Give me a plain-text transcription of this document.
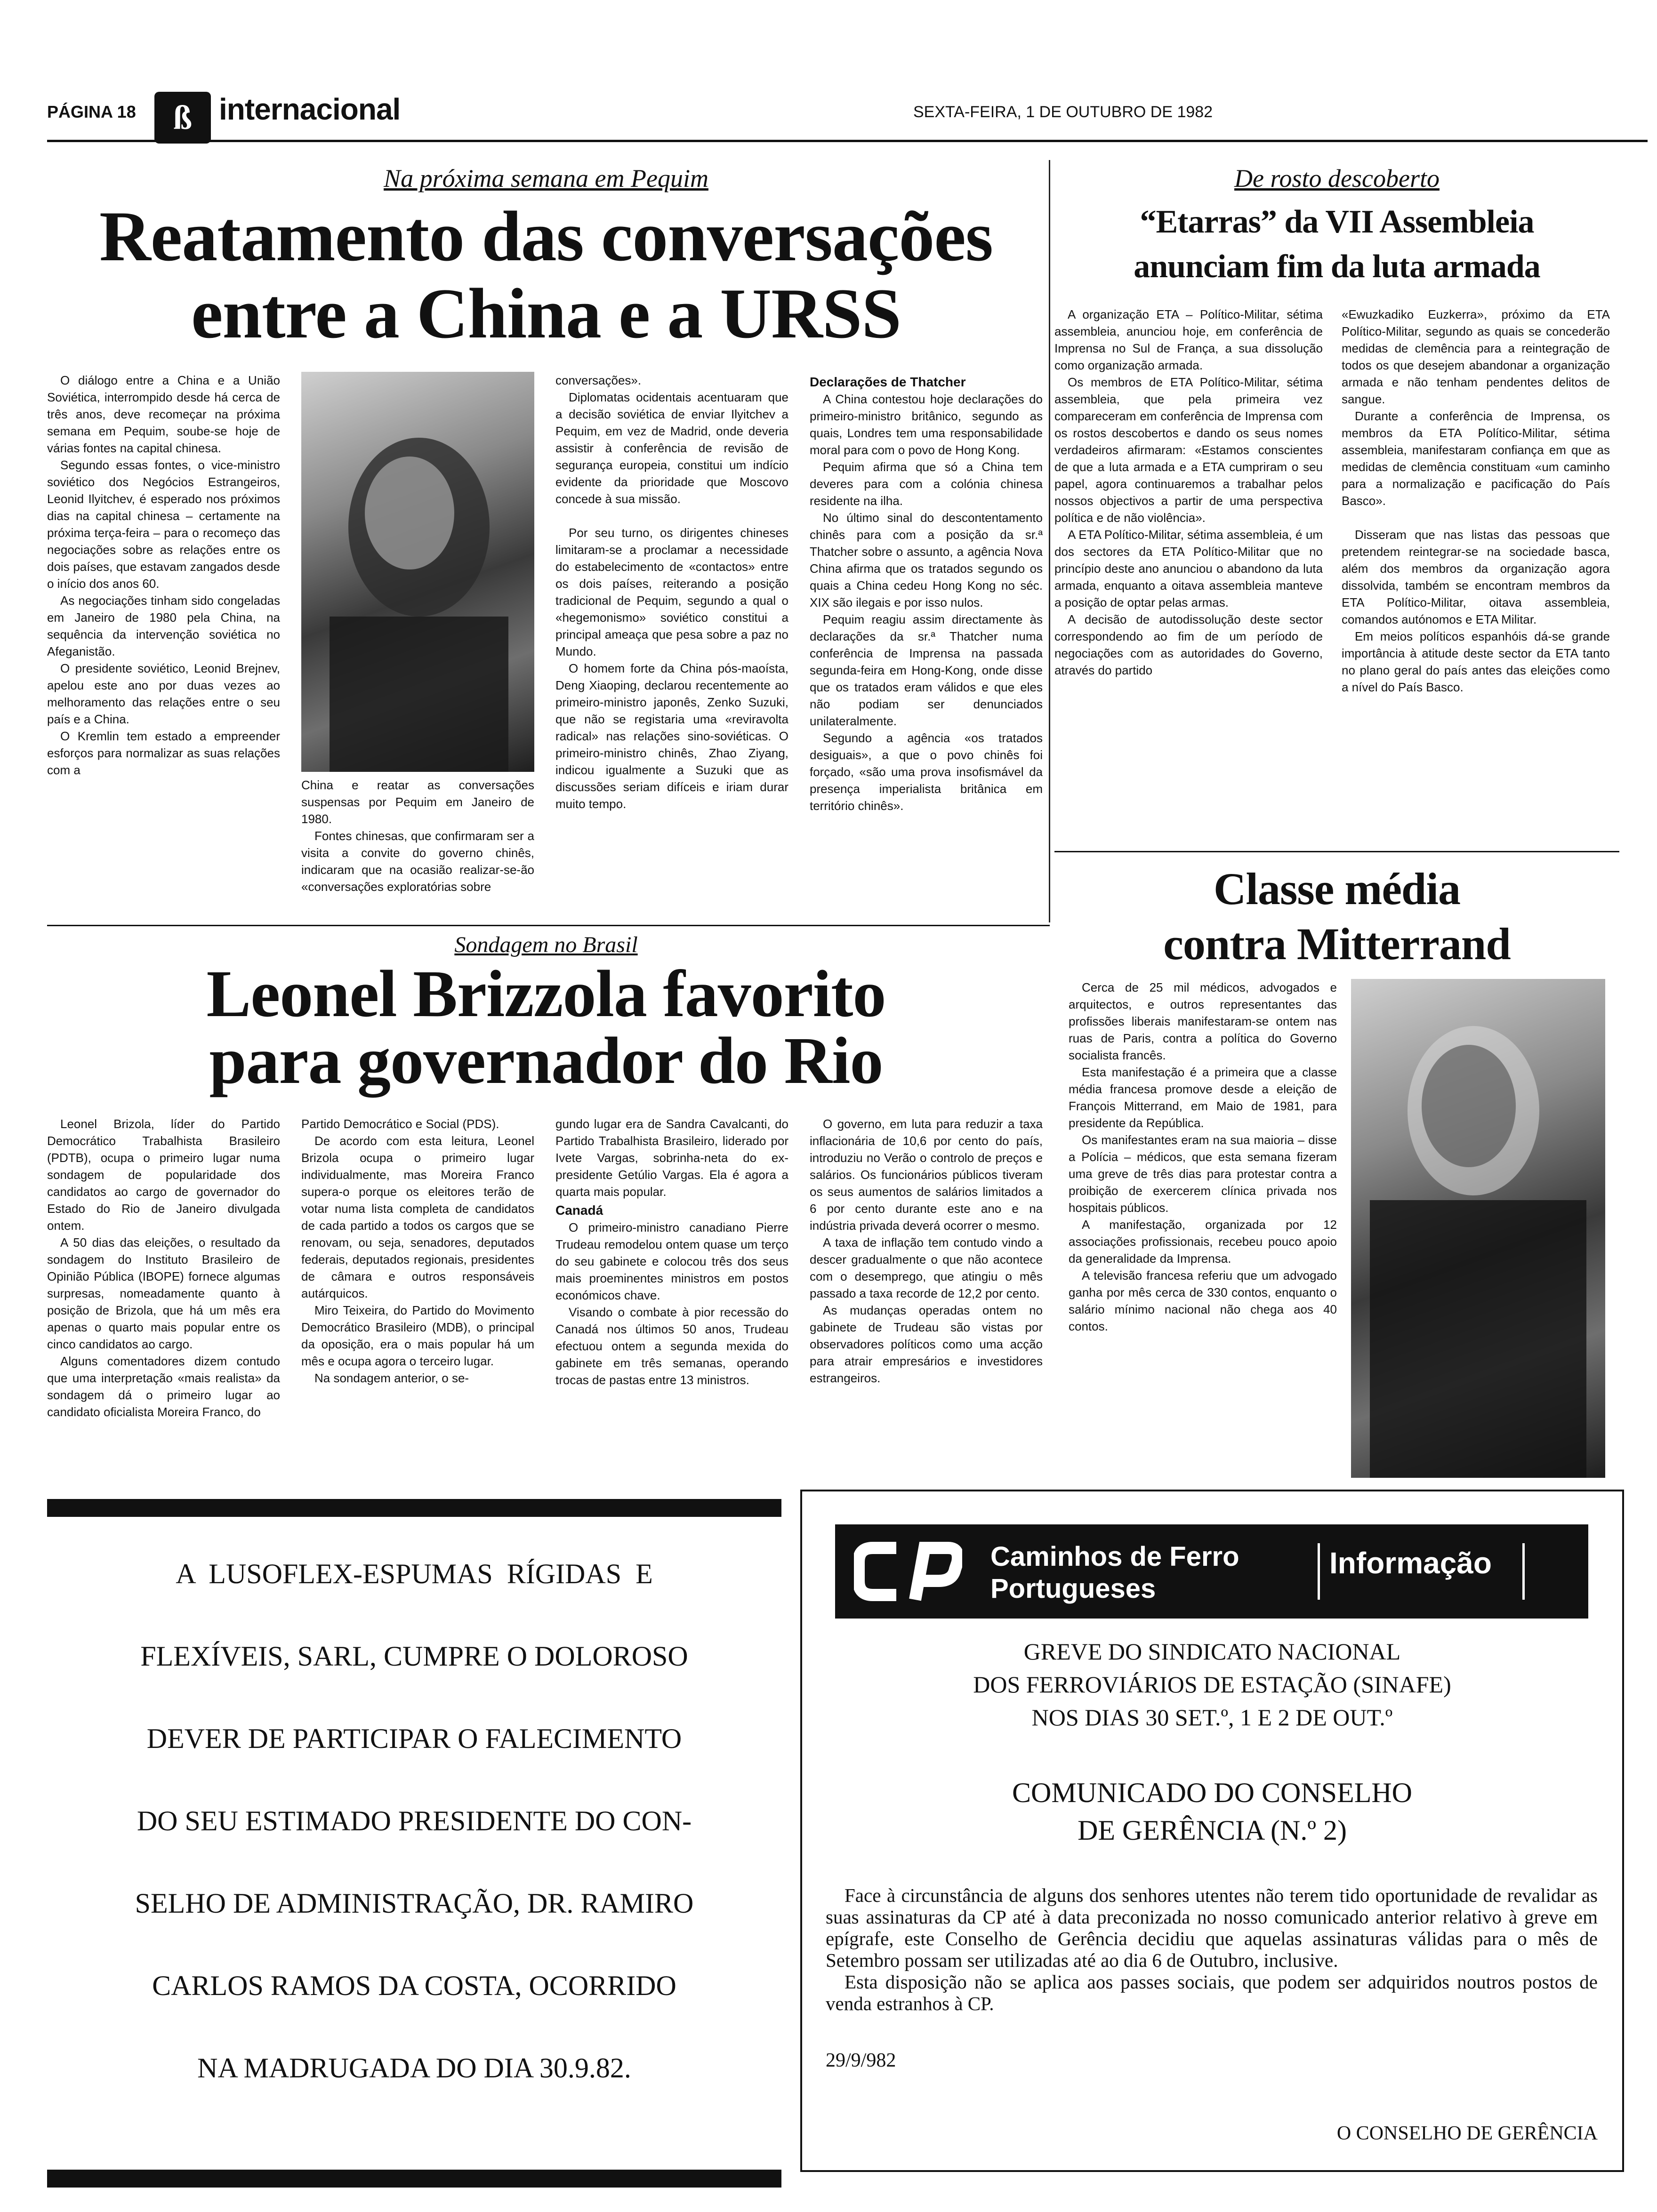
PÁGINA 18	ß internacional	SEXTA-FEIRA, 1 DE OUTUBRO DE 1982
Na próxima semana em Pequim
Reatamento das conversações
entre a China e a URSS

O diálogo entre a China e a União Soviética, interrompido desde há cerca de três anos, deve recomeçar na próxima semana em Pequim, soube-se hoje de várias fontes na capital chinesa.

Segundo essas fontes, o vice-ministro soviético dos Negócios Estrangeiros, Leonid Ilyitchev, é esperado nos próximos dias na capital chinesa – certamente na próxima terça-feira – para o recomeço das negociações sobre as relações entre os dois países, que estavam zangados desde o início dos anos 60.

As negociações tinham sido congeladas em Janeiro de 1980 pela China, na sequência da intervenção soviética no Afeganistão.

O presidente soviético, Leonid Brejnev, apelou este ano por duas vezes ao melhoramento das relações entre o seu país e a China.

O Kremlin tem estado a empreender esforços para normalizar as suas relações com a

China e reatar as conversações suspensas por Pequim em Janeiro de 1980.

Fontes chinesas, que confirmaram ser a visita a convite do governo chinês, indicaram que na ocasião realizar-se-ão «conversações exploratórias sobre

conversações».

Diplomatas ocidentais acentuaram que a decisão soviética de enviar Ilyitchev a Pequim, em vez de Madrid, onde deveria assistir à conferência de revisão de segurança europeia, constitui um indício evidente da prioridade que Moscovo concede à sua missão.

Por seu turno, os dirigentes chineses limitaram-se a proclamar a necessidade do estabelecimento de «contactos» entre os dois países, reiterando a posição tradicional de Pequim, segundo a qual o «hegemonismo» soviético constitui a principal ameaça que pesa sobre a paz no Mundo.

O homem forte da China pós-maoísta, Deng Xiaoping, declarou recentemente ao primeiro-ministro japonês, Zenko Suzuki, que não se registaria uma «reviravolta radical» nas relações sino-soviéticas. O primeiro-ministro chinês, Zhao Ziyang, indicou igualmente a Suzuki que as discussões seriam difíceis e iriam durar muito tempo.

Declarações de Thatcher

A China contestou hoje declarações do primeiro-ministro britânico, segundo as quais, Londres tem uma responsabilidade moral para com o povo de Hong Kong.

Pequim afirma que só a China tem deveres para com a colónia chinesa residente na ilha.

No último sinal do descontentamento chinês para com a posição da sr.ª Thatcher sobre o assunto, a agência Nova China afirma que os tratados segundo os quais a China cedeu Hong Kong no séc. XIX são ilegais e por isso nulos.

Pequim reagiu assim directamente às declarações da sr.ª Thatcher numa conferência de Imprensa na passada segunda-feira em Hong-Kong, onde disse que os tratados eram válidos e que eles não podiam ser denunciados unilateralmente.

Segundo a agência «os tratados desiguais», a que o povo chinês foi forçado, «são uma prova insofismável da presença imperialista britânica em território chinês».

De rosto descoberto
“Etarras” da VII Assembleia
anunciam fim da luta armada

A organização ETA – Político-Militar, sétima assembleia, anunciou hoje, em conferência de Imprensa no Sul de França, a sua dissolução como organização armada.

Os membros de ETA Político-Militar, sétima assembleia, que pela primeira vez compareceram em conferência de Imprensa com os rostos descobertos e dando os seus nomes verdadeiros afirmaram: «Estamos conscientes de que a luta armada e a ETA cumpriram o seu papel, agora continuaremos a trabalhar pelos nossos objectivos a partir de uma perspectiva política e de não violência».

A ETA Político-Militar, sétima assembleia, é um dos sectores da ETA Político-Militar que no princípio deste ano anunciou o abandono da luta armada, enquanto a oitava assembleia manteve a posição de optar pelas armas.

A decisão de autodissolução deste sector correspondendo ao fim de um período de negociações com as autoridades do Governo, através do partido

«Ewuzkadiko Euzkerra», próximo da ETA Político-Militar, segundo as quais se concederão medidas de clemência para a reintegração de todos os que desejem abandonar a organização armada e não tenham pendentes delitos de sangue.

Durante a conferência de Imprensa, os membros da ETA Político-Militar, sétima assembleia, manifestaram confiança em que as medidas de clemência constituam «um caminho para a normalização e pacificação do País Basco».

Disseram que nas listas das pessoas que pretendem reintegrar-se na sociedade basca, além dos membros da organização agora dissolvida, também se encontram membros da ETA Político-Militar, oitava assembleia, comandos autónomos e ETA Militar.

Em meios políticos espanhóis dá-se grande importância à atitude deste sector da ETA tanto no plano geral do país antes das eleições como a nível do País Basco.

Classe média
contra Mitterrand

Cerca de 25 mil médicos, advogados e arquitectos, e outros representantes das profissões liberais manifestaram-se ontem nas ruas de Paris, contra a política do Governo socialista francês.

Esta manifestação é a primeira que a classe média francesa promove desde a eleição de François Mitterrand, em Maio de 1981, para presidente da República.

Os manifestantes eram na sua maioria – disse a Polícia – médicos, que esta semana fizeram uma greve de três dias para protestar contra a proibição de exercerem clínica privada nos hospitais públicos.

A manifestação, organizada por 12 associações profissionais, recebeu pouco apoio da generalidade da Imprensa.

A televisão francesa referiu que um advogado ganha por mês cerca de 330 contos, enquanto o salário mínimo nacional não chega aos 40 contos.

Sondagem no Brasil
Leonel Brizzola favorito
para governador do Rio

Leonel Brizola, líder do Partido Democrático Trabalhista Brasileiro (PDTB), ocupa o primeiro lugar numa sondagem de popularidade dos candidatos ao cargo de governador do Estado do Rio de Janeiro divulgada ontem.

A 50 dias das eleições, o resultado da sondagem do Instituto Brasileiro de Opinião Pública (IBOPE) fornece algumas surpresas, nomeadamente quanto à posição de Brizola, que há um mês era apenas o quarto mais popular entre os cinco candidatos ao cargo.

Alguns comentadores dizem contudo que uma interpretação «mais realista» da sondagem dá o primeiro lugar ao candidato oficialista Moreira Franco, do

Partido Democrático e Social (PDS).

De acordo com esta leitura, Leonel Brizola ocupa o primeiro lugar individualmente, mas Moreira Franco supera-o porque os eleitores terão de votar numa lista completa de candidatos de cada partido a todos os cargos que se renovam, ou seja, senadores, deputados federais, deputados regionais, presidentes de câmara e outros responsáveis autárquicos.

Miro Teixeira, do Partido do Movimento Democrático Brasileiro (MDB), o principal da oposição, era o mais popular há um mês e ocupa agora o terceiro lugar.

Na sondagem anterior, o se-

gundo lugar era de Sandra Cavalcanti, do Partido Trabalhista Brasileiro, liderado por Ivete Vargas, sobrinha-neta do ex-presidente Getúlio Vargas. Ela é agora a quarta mais popular.

Canadá

O primeiro-ministro canadiano Pierre Trudeau remodelou ontem quase um terço do seu gabinete e colocou três dos seus mais proeminentes ministros em postos económicos chave.

Visando o combate à pior recessão do Canadá nos últimos 50 anos, Trudeau efectuou ontem a segunda mexida do gabinete em três semanas, operando trocas de pastas entre 13 ministros.

O governo, em luta para reduzir a taxa inflacionária de 10,6 por cento do país, introduziu no Verão o controlo de preços e salários. Os funcionários públicos tiveram os seus aumentos de salários limitados a 6 por cento durante este ano e na indústria privada deverá ocorrer o mesmo.

A taxa de inflação tem contudo vindo a descer gradualmente o que não acontece com o desemprego, que atingiu o mês passado a taxa recorde de 12,2 por cento.

As mudanças operadas ontem no gabinete de Trudeau são vistas por observadores políticos como uma acção para atrair empresários e investidores estrangeiros.

A  LUSOFLEX-ESPUMAS  RÍGIDAS  E
FLEXÍVEIS, SARL, CUMPRE O DOLOROSO
DEVER DE PARTICIPAR O FALECIMENTO
DO SEU ESTIMADO PRESIDENTE DO CON-
SELHO DE ADMINISTRAÇÃO, DR. RAMIRO
CARLOS RAMOS DA COSTA, OCORRIDO
NA MADRUGADA DO DIA 30.9.82.
Caminhos de Ferro
Portugueses
Informação
GREVE DO SINDICATO NACIONAL
DOS FERROVIÁRIOS DE ESTAÇÃO (SINAFE)
NOS DIAS 30 SET.º, 1 E 2 DE OUT.º
COMUNICADO DO CONSELHO
DE GERÊNCIA (N.º 2)

Face à circunstância de alguns dos senhores utentes não terem tido oportunidade de revalidar as suas assinaturas da CP até à data preconizada no nosso comunicado anterior relativo à greve em epígrafe, este Conselho de Gerência decidiu que aquelas assinaturas válidas para o mês de Setembro possam ser utilizadas até ao dia 6 de Outubro, inclusive.

Esta disposição não se aplica aos passes sociais, que podem ser adquiridos noutros postos de venda estranhos à CP.

29/9/982
O CONSELHO DE GERÊNCIA
